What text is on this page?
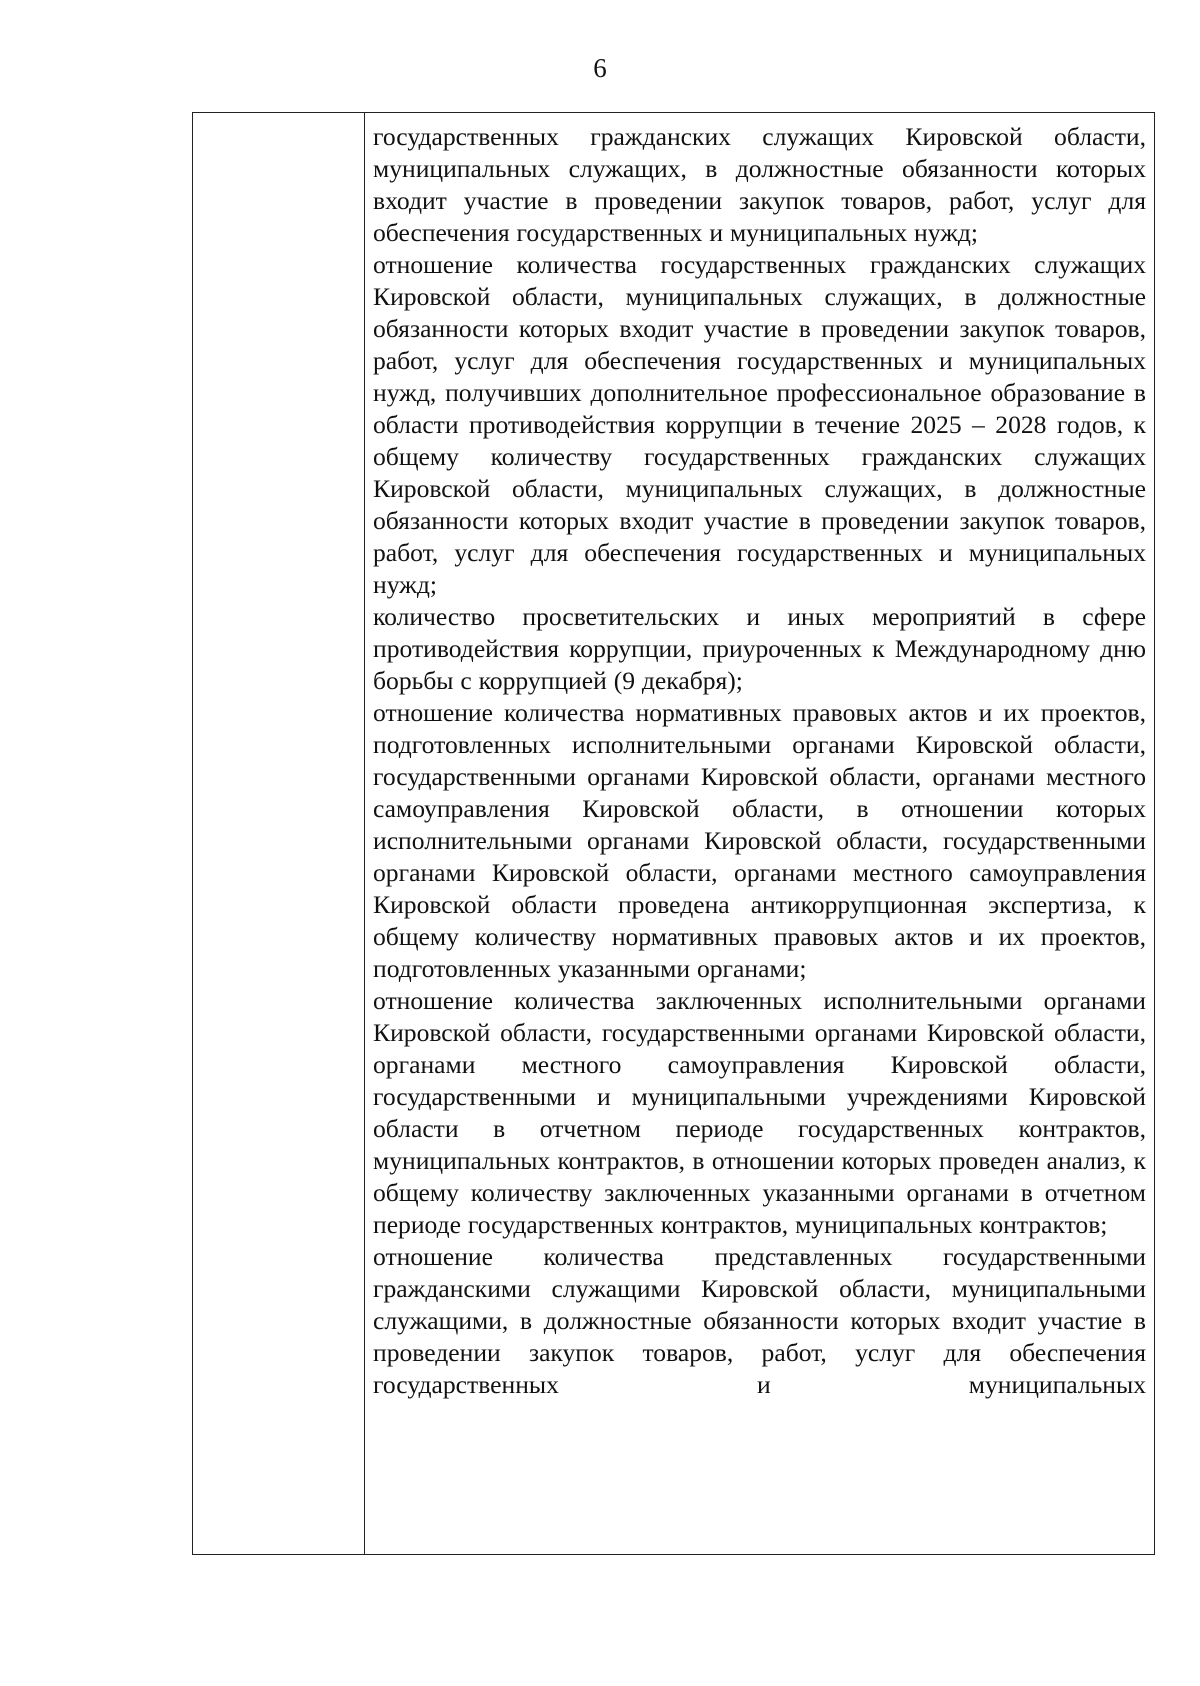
6

государственных гражданских служащих Кировской области, муниципальных служащих, в должностные обязанности которых входит участие в проведении закупок товаров, работ, услуг для обеспечения государственных и муниципальных нужд;

отношение количества государственных гражданских служащих Кировской области, муниципальных служащих, в должностные обязанности которых входит участие в проведении закупок товаров, работ, услуг для обеспечения государственных и муниципальных нужд, получивших дополнительное профессиональное образование в области противодействия коррупции в течение 2025 – 2028 годов, к общему количеству государственных гражданских служащих Кировской области, муниципальных служащих, в должностные обязанности которых входит участие в проведении закупок товаров, работ, услуг для обеспечения государственных и муниципальных нужд;

количество просветительских и иных мероприятий в сфере противодействия коррупции, приуроченных к Международному дню борьбы с коррупцией (9 декабря);

отношение количества нормативных правовых актов и их проектов, подготовленных исполнительными органами Кировской области, государственными органами Кировской области, органами местного самоуправления Кировской области, в отношении которых исполнительными органами Кировской области, государственными органами Кировской области, органами местного самоуправления Кировской области проведена антикоррупционная экспертиза, к общему количеству нормативных правовых актов и их проектов, подготовленных указанными органами;

отношение количества заключенных исполнительными органами Кировской области, государственными органами Кировской области, органами местного самоуправления Кировской области, государственными и муниципальными учреждениями Кировской области в отчетном периоде государственных контрактов, муниципальных контрактов, в отношении которых проведен анализ, к общему количеству заключенных указанными органами в отчетном периоде государственных контрактов, муниципальных контрактов;

отношение количества представленных государственными гражданскими служащими Кировской области, муниципальными служащими, в должностные обязанности которых входит участие в проведении закупок товаров, работ, услуг для обеспечения государственных и муниципальных
